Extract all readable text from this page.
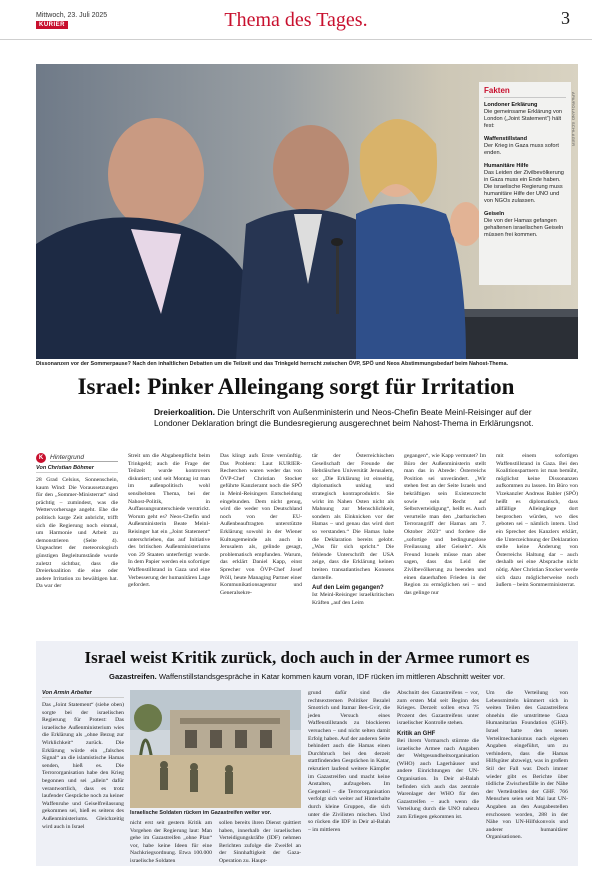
Mittwoch, 23. Juli 2025
KURIER	Thema des Tages.	3
APA/ROLAND SCHLAGER
Fakten
Londoner Erklärung
Die gemeinsame Erklärung von London („Joint Statement“) hält fest:
Waffenstillstand
Der Krieg in Gaza muss sofort enden.
Humanitäre Hilfe
Das Leiden der Zivilbevölkerung in Gaza muss ein Ende haben. Die israelische Regierung muss humanitäre Hilfe der UNO und von NGOs zulassen.
Geiseln
Die von der Hamas gefangen gehaltenen israelischen Geiseln müssen frei kommen.
Dissonanzen vor der Sommerpause? Nach den inhaltlichen Debatten um die Teilzeit und das Trinkgeld herrscht zwischen ÖVP, SPÖ und Neos Abstimmungsbedarf beim Nahost-Thema.
Israel: Pinker Alleingang sorgt für Irritation
Dreierkoalition. Die Unterschrift von Außenministerin und Neos-Chefin Beate Meinl-Reisinger auf der Londoner Deklaration bringt die Bundesregierung ausgerechnet beim Nahost-Thema in Erklärungsnot.
K	Hintergrund
Von Christian Böhmer
28 Grad Celsius, Sonnenschein, kaum Wind: Die Voraussetzungen für den „Sommer-Ministerrat“ sind prächtig – zumindest, was die Wettervorhersage angeht. Ehe die politisch karge Zeit anbricht, trifft sich die Regierung noch einmal, um Harmonie und Arbeit zu demonstrieren (Seite 4). Ungeachtet der meteorologisch günstigen Begleitumstände wurde zuletzt sichtbar, dass die Dreierkoalition die eine oder andere Irritation zu bewältigen hat. Da war der
Streit um die Abgabenpflicht beim Trinkgeld; auch die Frage der Teilzeit wurde kontrovers diskutiert; und seit Montag ist man im außenpolitisch wohl sensibelsten Thema, bei der Nahost-Politik, in Auffassungsunterschiede verstrickt. Worum geht es? Neos-Chefin und Außenministerin Beate Meinl-Reisinger hat ein „Joint Statement“ unterschrieben, das auf Initiative des britischen Außenministeriums von 29 Staaten unterfertigt wurde. In dem Papier werden ein sofortiger Waffenstillstand in Gaza und eine Verbesserung der humanitären Lage gefordert.
Das klingt aufs Erste vernünftig. Das Problem: Laut KURIER-Recherchen waren weder das von ÖVP-Chef Christian Stocker geführte Kanzleramt noch die SPÖ in Meinl-Reisingers Entscheidung eingebunden. Dem nicht genug, wird die weder von Deutschland noch von der EU-Außenbeauftragten unterstützte Erklärung sowohl in der Wiener Kultusgemeinde als auch in Jerusalem als, gelinde gesagt, problematisch empfunden. Warum, das erklärt Daniel Kapp, einst Sprecher von ÖVP-Chef Josef Pröll, heute Managing Partner einer Kommunikationsagentur und Generalsekre-
tär der Österreichischen Gesellschaft der Freunde der Hebräischen Universität Jerusalem, so: „Die Erklärung ist einseitig, diplomatisch unklug und strategisch kontraproduktiv. Sie wirkt im Nahen Osten nicht als Mahnung zur Menschlichkeit, sondern als Einknicken vor der Hamas – und genau das wird dort so verstanden.“ Die Hamas habe die Deklaration bereits gelobt. „Was für sich spricht.“ Die fehlende Unterschrift der USA zeige, dass die Erklärung keinen breiten transatlantischen Konsens darstelle.
Auf den Leim gegangen?
Ist Meinl-Reisinger israelkritischen Kräften „auf den Leim
gegangen“, wie Kapp vermutet? Im Büro der Außenministerin stellt man das in Abrede: Österreichs Position sei unverändert. „Wir stehen fest an der Seite Israels und bekräftigen sein Existenzrecht sowie sein Recht auf Selbstverteidigung“, heißt es. Auch verurteile man den „barbarischen Terrorangriff der Hamas am 7. Oktober 2023“ und fordere die „sofortige und bedingungslose Freilassung aller Geiseln“. Als Freund Israels müsse man aber sagen, dass das Leid der Zivilbevölkerung zu beenden und einen dauerhaften Frieden in der Region zu ermöglichen sei – und das gelinge nur
mit einem sofortigen Waffenstillstand in Gaza. Bei den Koalitionspartnern ist man bemüht, möglichst keine Dissonanzen aufkommen zu lassen. Im Büro von Vizekanzler Andreas Babler (SPÖ) heißt es diplomatisch, dass allfällige Alleingänge dort besprochen würden, wo dies geboten sei – nämlich intern. Und ein Sprecher des Kanzlers erklärt, die Unterzeichnung der Deklaration stelle keine Änderung von Österreichs Haltung dar – auch deshalb sei eine Absprache nicht nötig. Aber Christian Stocker werde sich dazu möglicherweise noch äußern – beim Sommerministerrat.
Israel weist Kritik zurück, doch auch in der Armee rumort es
Gazastreifen. Waffenstillstandsgespräche in Katar kommen kaum voran, IDF rücken im mittleren Abschnitt weiter vor.
Von Armin Arbeiter
Das „Joint Statement“ (siehe oben) sorgte bei der israelischen Regierung für Protest: Das israelische Außenministerium wies die Erklärung als „ohne Bezug zur Wirklichkeit“ zurück. Die Erklärung würde ein „falsches Signal“ an die islamistische Hamas senden, hieß es. Die Terrororganisation habe den Krieg begonnen und sei „allein“ dafür verantwortlich, dass es trotz laufender Gespräche noch zu keiner Waffenruhe und Geiselfreilassung gekommen sei, hieß es seitens des Außenministeriums. Gleichzeitig wird auch in Israel
Israelische Soldaten rücken im Gazastreifen weiter vor.
nicht erst seit gestern Kritik am Vorgehen der Regierung laut: Man gehe im Gazastreifen „ohne Plan“ vor, habe keine Ideen für eine Nachkriegsordnung. Etwa 100.000 israelische Soldaten
sollen bereits ihren Dienst quittiert haben, innerhalb der israelischen Verteidigungskräfte (IDF) nehmen Berichten zufolge die Zweifel an der Sinnhaftigkeit der Gaza-Operation zu. Haupt-
grund dafür sind die rechtsextremen Politiker Bezalel Smotrich und Itamar Ben-Gvir, die jeden Versuch eines Waffenstillstands zu blockieren versuchen – und nicht selten damit Erfolg haben. Auf der anderen Seite behindert auch die Hamas einen Durchbruch bei den derzeit stattfindenden Gesprächen in Katar, rekrutiert laufend weitere Kämpfer im Gazastreifen und macht keine Anstalten, aufzugeben. Im Gegenteil – die Terrororganisation verfolgt sich weiter auf Hinterhalte durch kleine Gruppen, die sich unter die Zivilisten mischen. Und so rücken die IDF in Deir al-Balah – im mittleren
Abschnitt des Gazastreifens – vor, zum ersten Mal seit Beginn des Krieges. Derzeit sollen etwa 75 Prozent des Gazastreifens unter israelischer Kontrolle stehen.
Kritik an GHF
Bei ihrem Vormarsch stürmte die israelische Armee nach Angaben der Weltgesundheitsorganisation (WHO) auch Lagerhäuser und andere Einrichtungen der UN-Organisation. In Deir al-Balah befinden sich auch das zentrale Warenlager der WHO für den Gazastreifen – auch wenn die Verteilung durch die UNO nahezu zum Erliegen gekommen ist.
Um die Verteilung von Lebensmitteln kümmert sich in weiten Teilen des Gazastreifens ohnehin die umstrittene Gaza Humanitarian Foundation (GHF). Israel hatte den neuen Verteilmechanismus nach eigenen Angaben eingeführt, um zu verhindern, dass die Hamas Hilfsgüter abzweigt, was in großem Stil der Fall war. Doch immer wieder gibt es Berichte über tödliche Zwischenfälle in der Nähe der Verteilstellen der GHF. 766 Menschen seien seit Mai laut UN-Angaben an den Ausgabestellen erschossen worden, 288 in der Nähe von UN-Hilfskonvois und anderer humanitärer Organisationen.
